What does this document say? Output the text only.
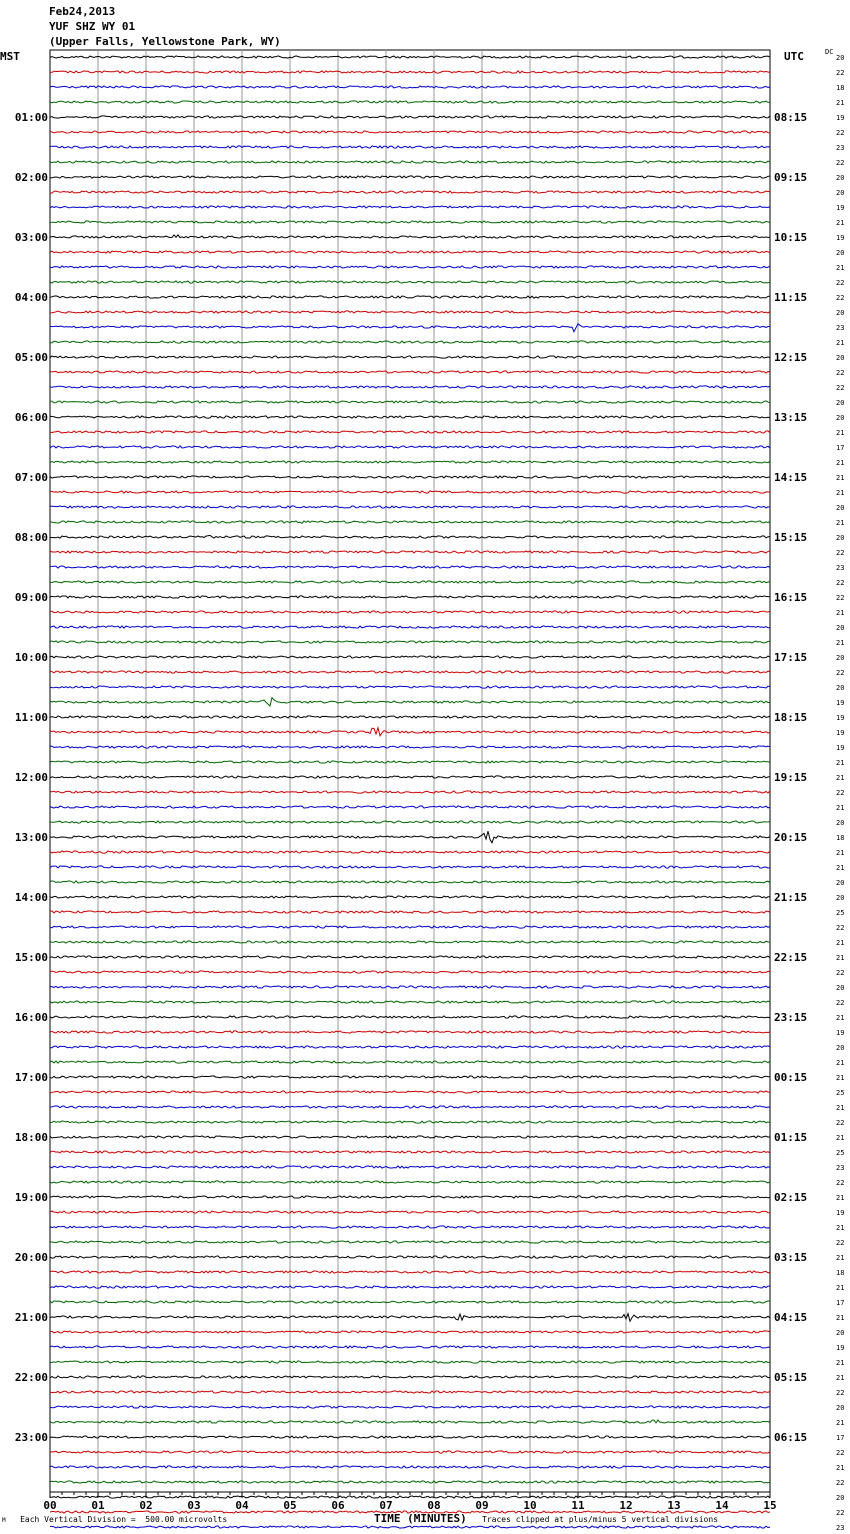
Feb24,2013
YUF SHZ WY 01
(Upper Falls, Yellowstone Park, WY)
MST	UTC	DC
20
22
18
21
19
22
23
22
20
20
19
21
19
20
21
22
22
20
23
21
20
22
22
20
20
21
17
21
21
21
20
21
20
22
23
22
22
21
20
21
20
22
20
19
19
19
19
21
21
22
21
20
18
21
21
20
20
25
22
21
21
22
20
22
21
19
20
21
21
25
21
22
21
25
23
22
21
19
21
22
21
18
21
17
21
20
19
21
21
22
20
21
17
22
21
22
20
22
23
01:00
02:00
03:00
04:00
05:00
06:00
07:00
08:00
09:00
10:00
11:00
12:00
13:00
14:00
15:00
16:00
17:00
18:00
19:00
20:00
21:00
22:00
23:00
08:15
09:15
10:15
11:15
12:15
13:15
14:15
15:15
16:15
17:15
18:15
19:15
20:15
21:15
22:15
23:15
00:15
01:15
02:15
03:15
04:15
05:15
06:15
00	01	02	03	04	05	06	07	08	09	10	11	12	13	14	15
M Each Vertical Division =  500.00 microvolts	TIME (MINUTES) Traces clipped at plus/minus 5 vertical divisions
